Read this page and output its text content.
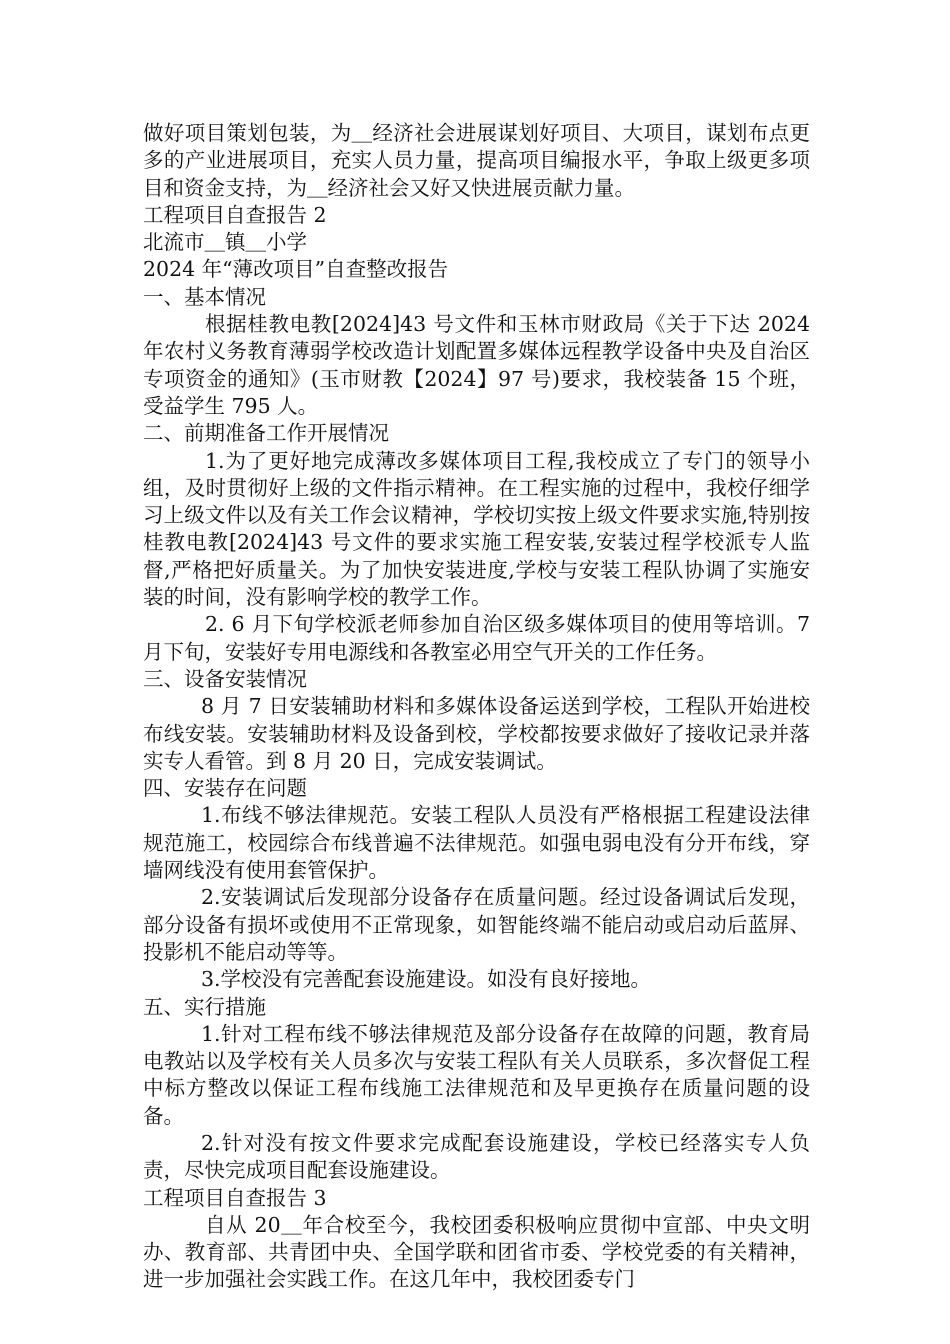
做好项目策划包装，为＿经济社会进展谋划好项目、大项目，谋划布点更多的产业进展项目，充实人员力量，提高项目编报水平，争取上级更多项目和资金支持，为＿经济社会又好又快进展贡献力量。

工程项目自查报告 2

北流市＿镇＿小学

2024 年“薄改项目”自查整改报告

一、基本情况

根据桂教电教[2024]43 号文件和玉林市财政局《关于下达 2024 年农村义务教育薄弱学校改造计划配置多媒体远程教学设备中央及自治区专项资金的通知》(玉市财教【2024】97 号)要求，我校装备 15 个班，受益学生 795 人。

二、前期准备工作开展情况

1.为了更好地完成薄改多媒体项目工程,我校成立了专门的领导小组，及时贯彻好上级的文件指示精神。在工程实施的过程中，我校仔细学习上级文件以及有关工作会议精神，学校切实按上级文件要求实施,特别按桂教电教[2024]43 号文件的要求实施工程安装,安装过程学校派专人监督,严格把好质量关。为了加快安装进度,学校与安装工程队协调了实施安装的时间，没有影响学校的教学工作。

2. 6 月下旬学校派老师参加自治区级多媒体项目的使用等培训。7 月下旬，安装好专用电源线和各教室必用空气开关的工作任务。

三、设备安装情况

8 月 7 日安装辅助材料和多媒体设备运送到学校，工程队开始进校布线安装。安装辅助材料及设备到校，学校都按要求做好了接收记录并落实专人看管。到 8 月 20 日，完成安装调试。

四、安装存在问题

1.布线不够法律规范。安装工程队人员没有严格根据工程建设法律规范施工，校园综合布线普遍不法律规范。如强电弱电没有分开布线，穿墙网线没有使用套管保护。

2.安装调试后发现部分设备存在质量问题。经过设备调试后发现，部分设备有损坏或使用不正常现象，如智能终端不能启动或启动后蓝屏、投影机不能启动等等。

3.学校没有完善配套设施建设。如没有良好接地。

五、实行措施

1.针对工程布线不够法律规范及部分设备存在故障的问题，教育局电教站以及学校有关人员多次与安装工程队有关人员联系，多次督促工程中标方整改以保证工程布线施工法律规范和及早更换存在质量问题的设备。

2.针对没有按文件要求完成配套设施建设，学校已经落实专人负责，尽快完成项目配套设施建设。

工程项目自查报告 3

自从 20＿年合校至今，我校团委积极响应贯彻中宣部、中央文明办、教育部、共青团中央、全国学联和团省市委、学校党委的有关精神，进一步加强社会实践工作。在这几年中，我校团委专门
